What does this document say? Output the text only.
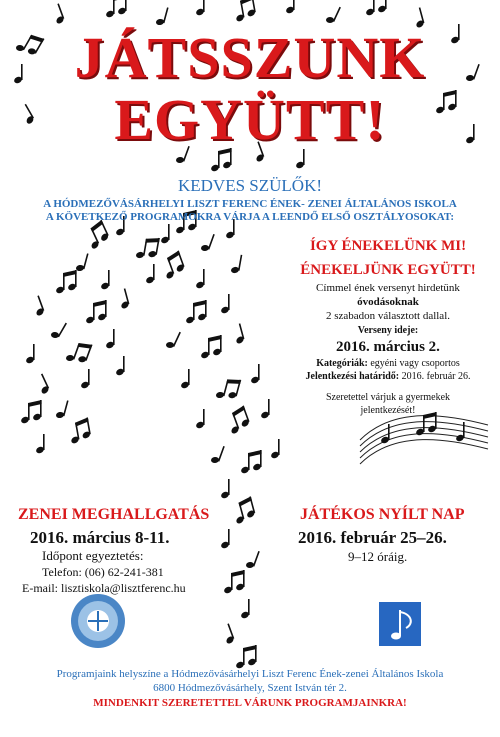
JÁTSSZUNK
EGYÜTT!
KEDVES SZÜLŐK!
A HÓDMEZŐVÁSÁRHELYI LISZT FERENC ÉNEK- ZENEI ÁLTALÁNOS ISKOLA
A KÖVETKEZŐ PROGRAMOKRA VÁRJA A LEENDŐ ELSŐ OSZTÁLYOSOKAT:
ÍGY ÉNEKELÜNK MI!
ÉNEKELJÜNK EGYÜTT!
Címmel ének versenyt hirdetünk
óvodásoknak
2 szabadon választott dallal.
Verseny ideje:
2016. március 2.
Kategóriák: egyéni vagy csoportos
Jelentkezési határidő: 2016. február 26.
Szeretettel várjuk a gyermekek
jelentkezését!
ZENEI MEGHALLGATÁS
2016. március 8-11.
Időpont egyeztetés:
Telefon: (06) 62-241-381
E-mail: lisztiskola@lisztferenc.hu
JÁTÉKOS NYÍLT NAP
2016. február 25–26.
9–12 óráig.
Programjaink helyszíne a Hódmezővásárhelyi Liszt Ferenc Ének-zenei Általános Iskola
6800 Hódmezővásárhely, Szent István tér 2.
MINDENKIT SZERETETTEL VÁRUNK PROGRAMJAINKRA!
